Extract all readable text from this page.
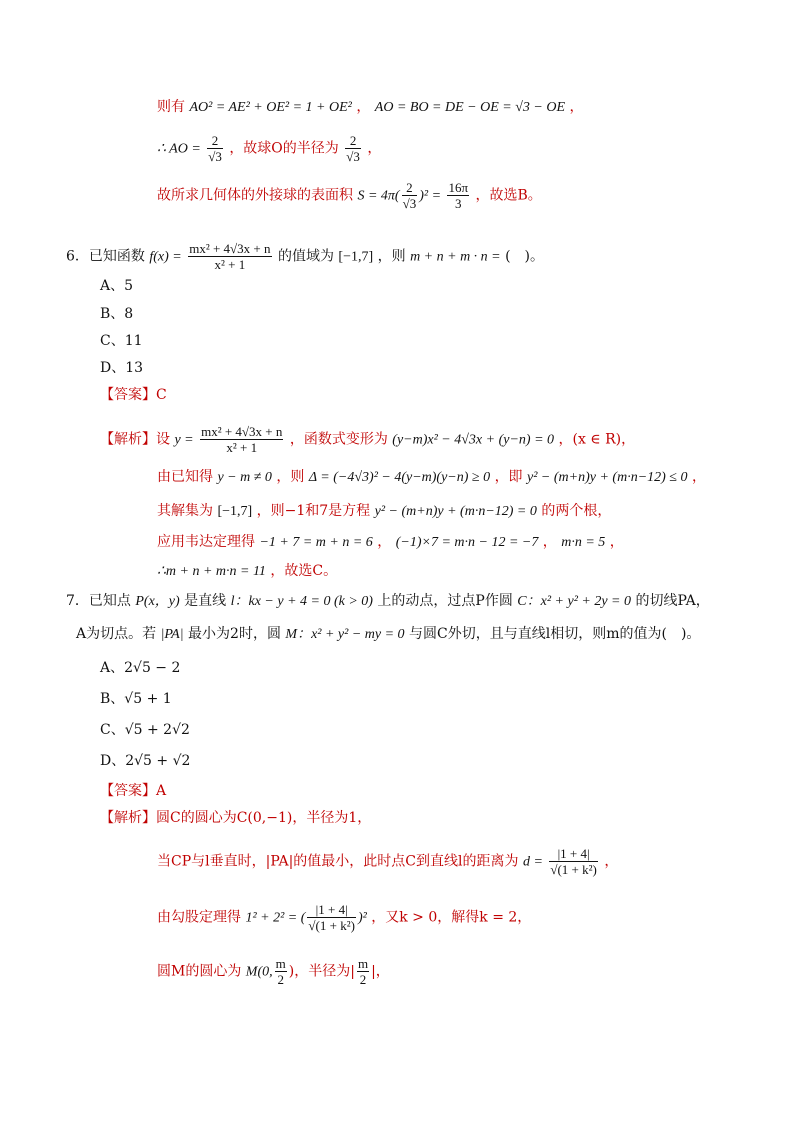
则有 AO² = AE² + OE² = 1 + OE² ， AO = BO = DE − OE = √3 − OE ，
∴ AO = $\frac{2}{√3}$ ，故球O的半径为 $\frac{2}{√3}$ ，
故所求几何体的外接球的表面积 $S = 4\pi( \frac{2}{√3} )^2 = \frac{16\pi}{3}$ ，故选B。
6．已知函数 $f(x) = \frac{\text{mx² + 4√3x + n}}{\text{x² + 1}}$ 的值域为 [−1,7] ，则 m + n + m · n = (　)。
A、5
B、8
C、11
D、13
【答案】C
【解析】设 $y = \frac{\text{mx² + 4√3x + n}}{\text{x² + 1}}$ ，函数式变形为 (y−m)x² − 4√3x + (y−n) = 0 ，(x ∈ R)，
由已知得 y − m ≠ 0 ，则 Δ = (−4√3)² − 4(y−m)(y−n) ≥ 0 ，即 y² − (m+n)y + (m·n−12) ≤ 0 ，
其解集为 [−1,7] ，则−1和7是方程 y² − (m+n)y + (m·n−12) = 0 的两个根，
应用韦达定理得 −1 + 7 = m + n = 6 ， (−1)×7 = m·n − 12 = −7 ， m·n = 5 ，
∴m + n + m·n = 11 ，故选C。
7．已知点 P(x，y) 是直线 l：kx − y + 4 = 0 (k > 0) 上的动点，过点P作圆 C：x² + y² + 2y = 0 的切线PA，
A为切点。若 |PA| 最小为2时，圆 M：x² + y² − my = 0 与圆C外切，且与直线l相切，则m的值为(　)。
A、2√5 − 2
B、√5 + 1
C、√5 + 2√2
D、2√5 + √2
【答案】A
【解析】圆C的圆心为C(0,−1)，半径为1，
当CP与l垂直时，|PA|的值最小，此时点C到直线l的距离为 $d = \frac{|1 + 4|}{\text{√(1 + k²)}}$ ，
由勾股定理得 1² + 2² = ( $\frac{|1 + 4|}{\text{√(1 + k²)}} )^2$ ，又k > 0，解得k = 2，
圆M的圆心为 M(0, $\frac{m}{2}$ )，半径为| $\frac{m}{2}$ |，
